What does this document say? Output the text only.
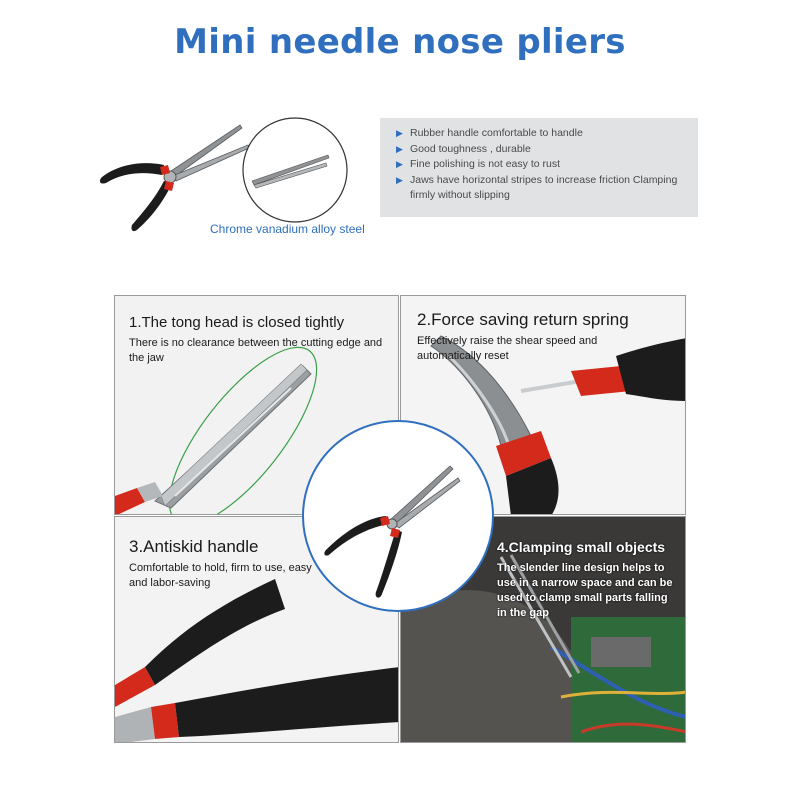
Mini needle nose pliers
Chrome vanadium alloy steel
▶ Rubber handle comfortable to handle
▶ Good toughness , durable
▶ Fine polishing is not easy to rust
▶ Jaws have horizontal stripes to increase friction Clamping firmly without slipping
1.The tong head is closed tightly
There is no clearance between the cutting edge and the jaw
2.Force saving return spring
Effectively raise the shear speed and automatically reset
3.Antiskid handle
Comfortable to hold, firm to use, easy and labor-saving
4.Clamping small objects
The slender line design helps to use in a narrow space and can be used to clamp small parts falling in the gap
